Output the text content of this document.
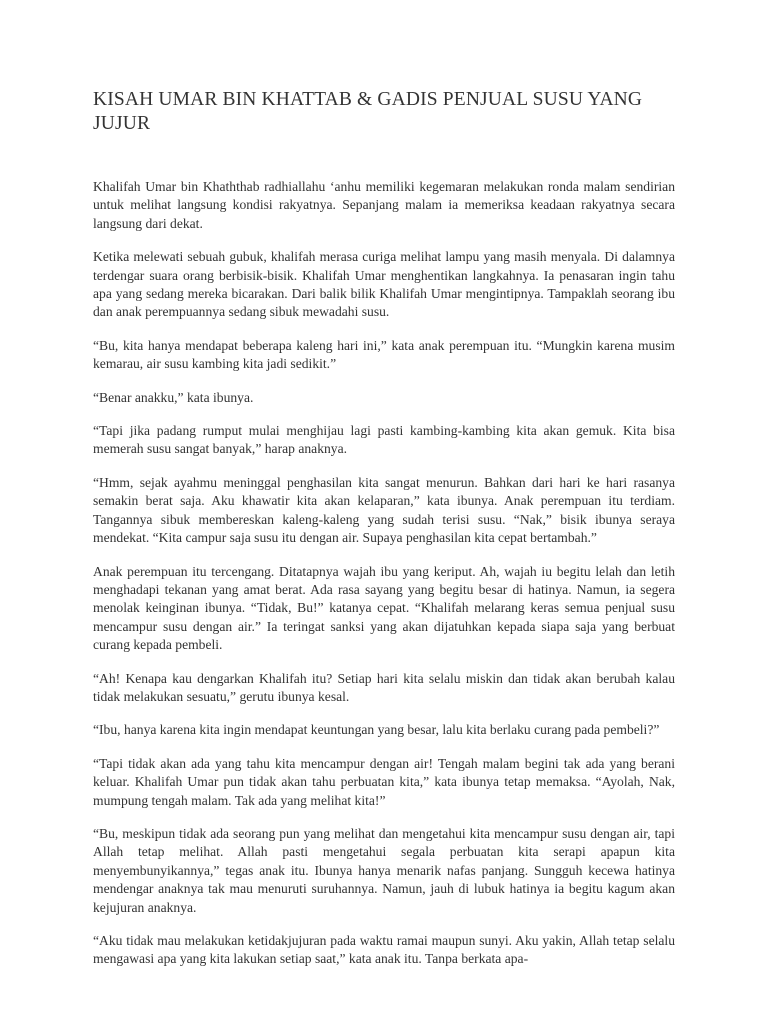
KISAH UMAR BIN KHATTAB & GADIS PENJUAL SUSU YANG JUJUR

Khalifah Umar bin Khaththab radhiallahu ‘anhu memiliki kegemaran melakukan ronda malam sendirian untuk melihat langsung kondisi rakyatnya. Sepanjang malam ia memeriksa keadaan rakyatnya secara langsung dari dekat.

Ketika melewati sebuah gubuk, khalifah merasa curiga melihat lampu yang masih menyala. Di dalamnya terdengar suara orang berbisik-bisik. Khalifah Umar menghentikan langkahnya. Ia penasaran ingin tahu apa yang sedang mereka bicarakan. Dari balik bilik Khalifah Umar mengintipnya. Tampaklah seorang ibu dan anak perempuannya sedang sibuk mewadahi susu.

“Bu, kita hanya mendapat beberapa kaleng hari ini,” kata anak perempuan itu. “Mungkin karena musim kemarau, air susu kambing kita jadi sedikit.”

“Benar anakku,” kata ibunya.

“Tapi jika padang rumput mulai menghijau lagi pasti kambing-kambing kita akan gemuk. Kita bisa memerah susu sangat banyak,” harap anaknya.

“Hmm, sejak ayahmu meninggal penghasilan kita sangat menurun. Bahkan dari hari ke hari rasanya semakin berat saja. Aku khawatir kita akan kelaparan,” kata ibunya. Anak perempuan itu terdiam. Tangannya sibuk membereskan kaleng-kaleng yang sudah terisi susu. “Nak,” bisik ibunya seraya mendekat. “Kita campur saja susu itu dengan air. Supaya penghasilan kita cepat bertambah.”

Anak perempuan itu tercengang. Ditatapnya wajah ibu yang keriput. Ah, wajah iu begitu lelah dan letih menghadapi tekanan yang amat berat. Ada rasa sayang yang begitu besar di hatinya. Namun, ia segera menolak keinginan ibunya. “Tidak, Bu!” katanya cepat. “Khalifah melarang keras semua penjual susu mencampur susu dengan air.” Ia teringat sanksi yang akan dijatuhkan kepada siapa saja yang berbuat curang kepada pembeli.

“Ah! Kenapa kau dengarkan Khalifah itu? Setiap hari kita selalu miskin dan tidak akan berubah kalau tidak melakukan sesuatu,” gerutu ibunya kesal.

“Ibu, hanya karena kita ingin mendapat keuntungan yang besar, lalu kita berlaku curang pada pembeli?”

“Tapi tidak akan ada yang tahu kita mencampur dengan air! Tengah malam begini tak ada yang berani keluar. Khalifah Umar pun tidak akan tahu perbuatan kita,” kata ibunya tetap memaksa. “Ayolah, Nak, mumpung tengah malam. Tak ada yang melihat kita!”

“Bu, meskipun tidak ada seorang pun yang melihat dan mengetahui kita mencampur susu dengan air, tapi Allah tetap melihat. Allah pasti mengetahui segala perbuatan kita serapi apapun kita menyembunyikannya,” tegas anak itu. Ibunya hanya menarik nafas panjang. Sungguh kecewa hatinya mendengar anaknya tak mau menuruti suruhannya. Namun, jauh di lubuk hatinya ia begitu kagum akan kejujuran anaknya.

“Aku tidak mau melakukan ketidakjujuran pada waktu ramai maupun sunyi. Aku yakin, Allah tetap selalu mengawasi apa yang kita lakukan setiap saat,” kata anak itu. Tanpa berkata apa-
